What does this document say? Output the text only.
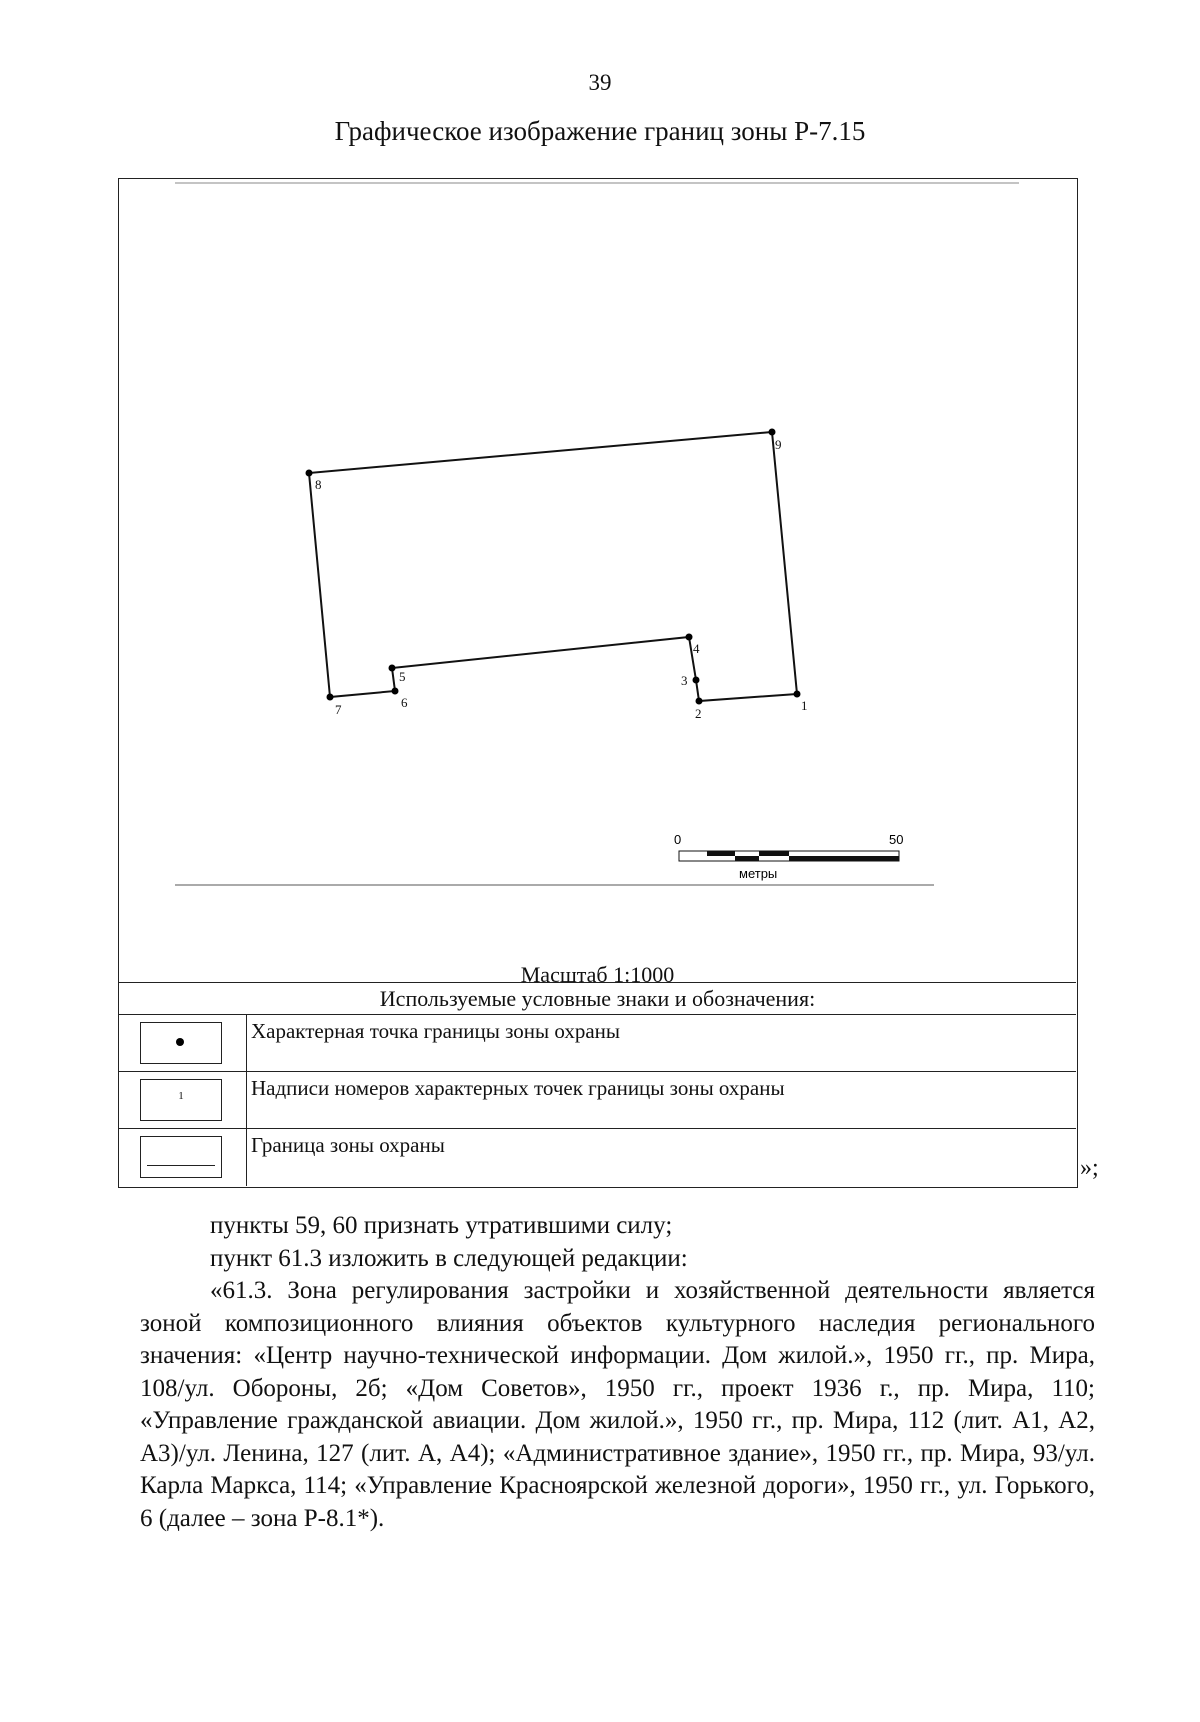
39
Графическое изображение границ зоны Р-7.15
1
2
3
4
5
6
7
8
9
0	50
метры
Масштаб 1:1000
Используемые условные знаки и обозначения:
Характерная точка границы зоны охраны
1	Надписи номеров характерных точек границы зоны охраны
Граница зоны охраны
»;

пункты 59, 60 признать утратившими силу;

пункт 61.3 изложить в следующей редакции:

«61.3. Зона регулирования застройки и хозяйственной деятельности является зоной композиционного влияния объектов культурного наследия регионального значения: «Центр научно-технической информации. Дом жилой.», 1950 гг., пр. Мира, 108/ул. Обороны, 2б; «Дом Советов», 1950 гг., проект 1936 г., пр. Мира, 110; «Управление гражданской авиации. Дом жилой.», 1950 гг., пр. Мира, 112 (лит. А1, А2, А3)/ул. Ленина, 127 (лит. А, А4); «Административное здание», 1950 гг., пр. Мира, 93/ул. Карла Маркса, 114; «Управление Красноярской железной дороги», 1950 гг., ул. Горького, 6 (далее – зона Р-8.1*).
